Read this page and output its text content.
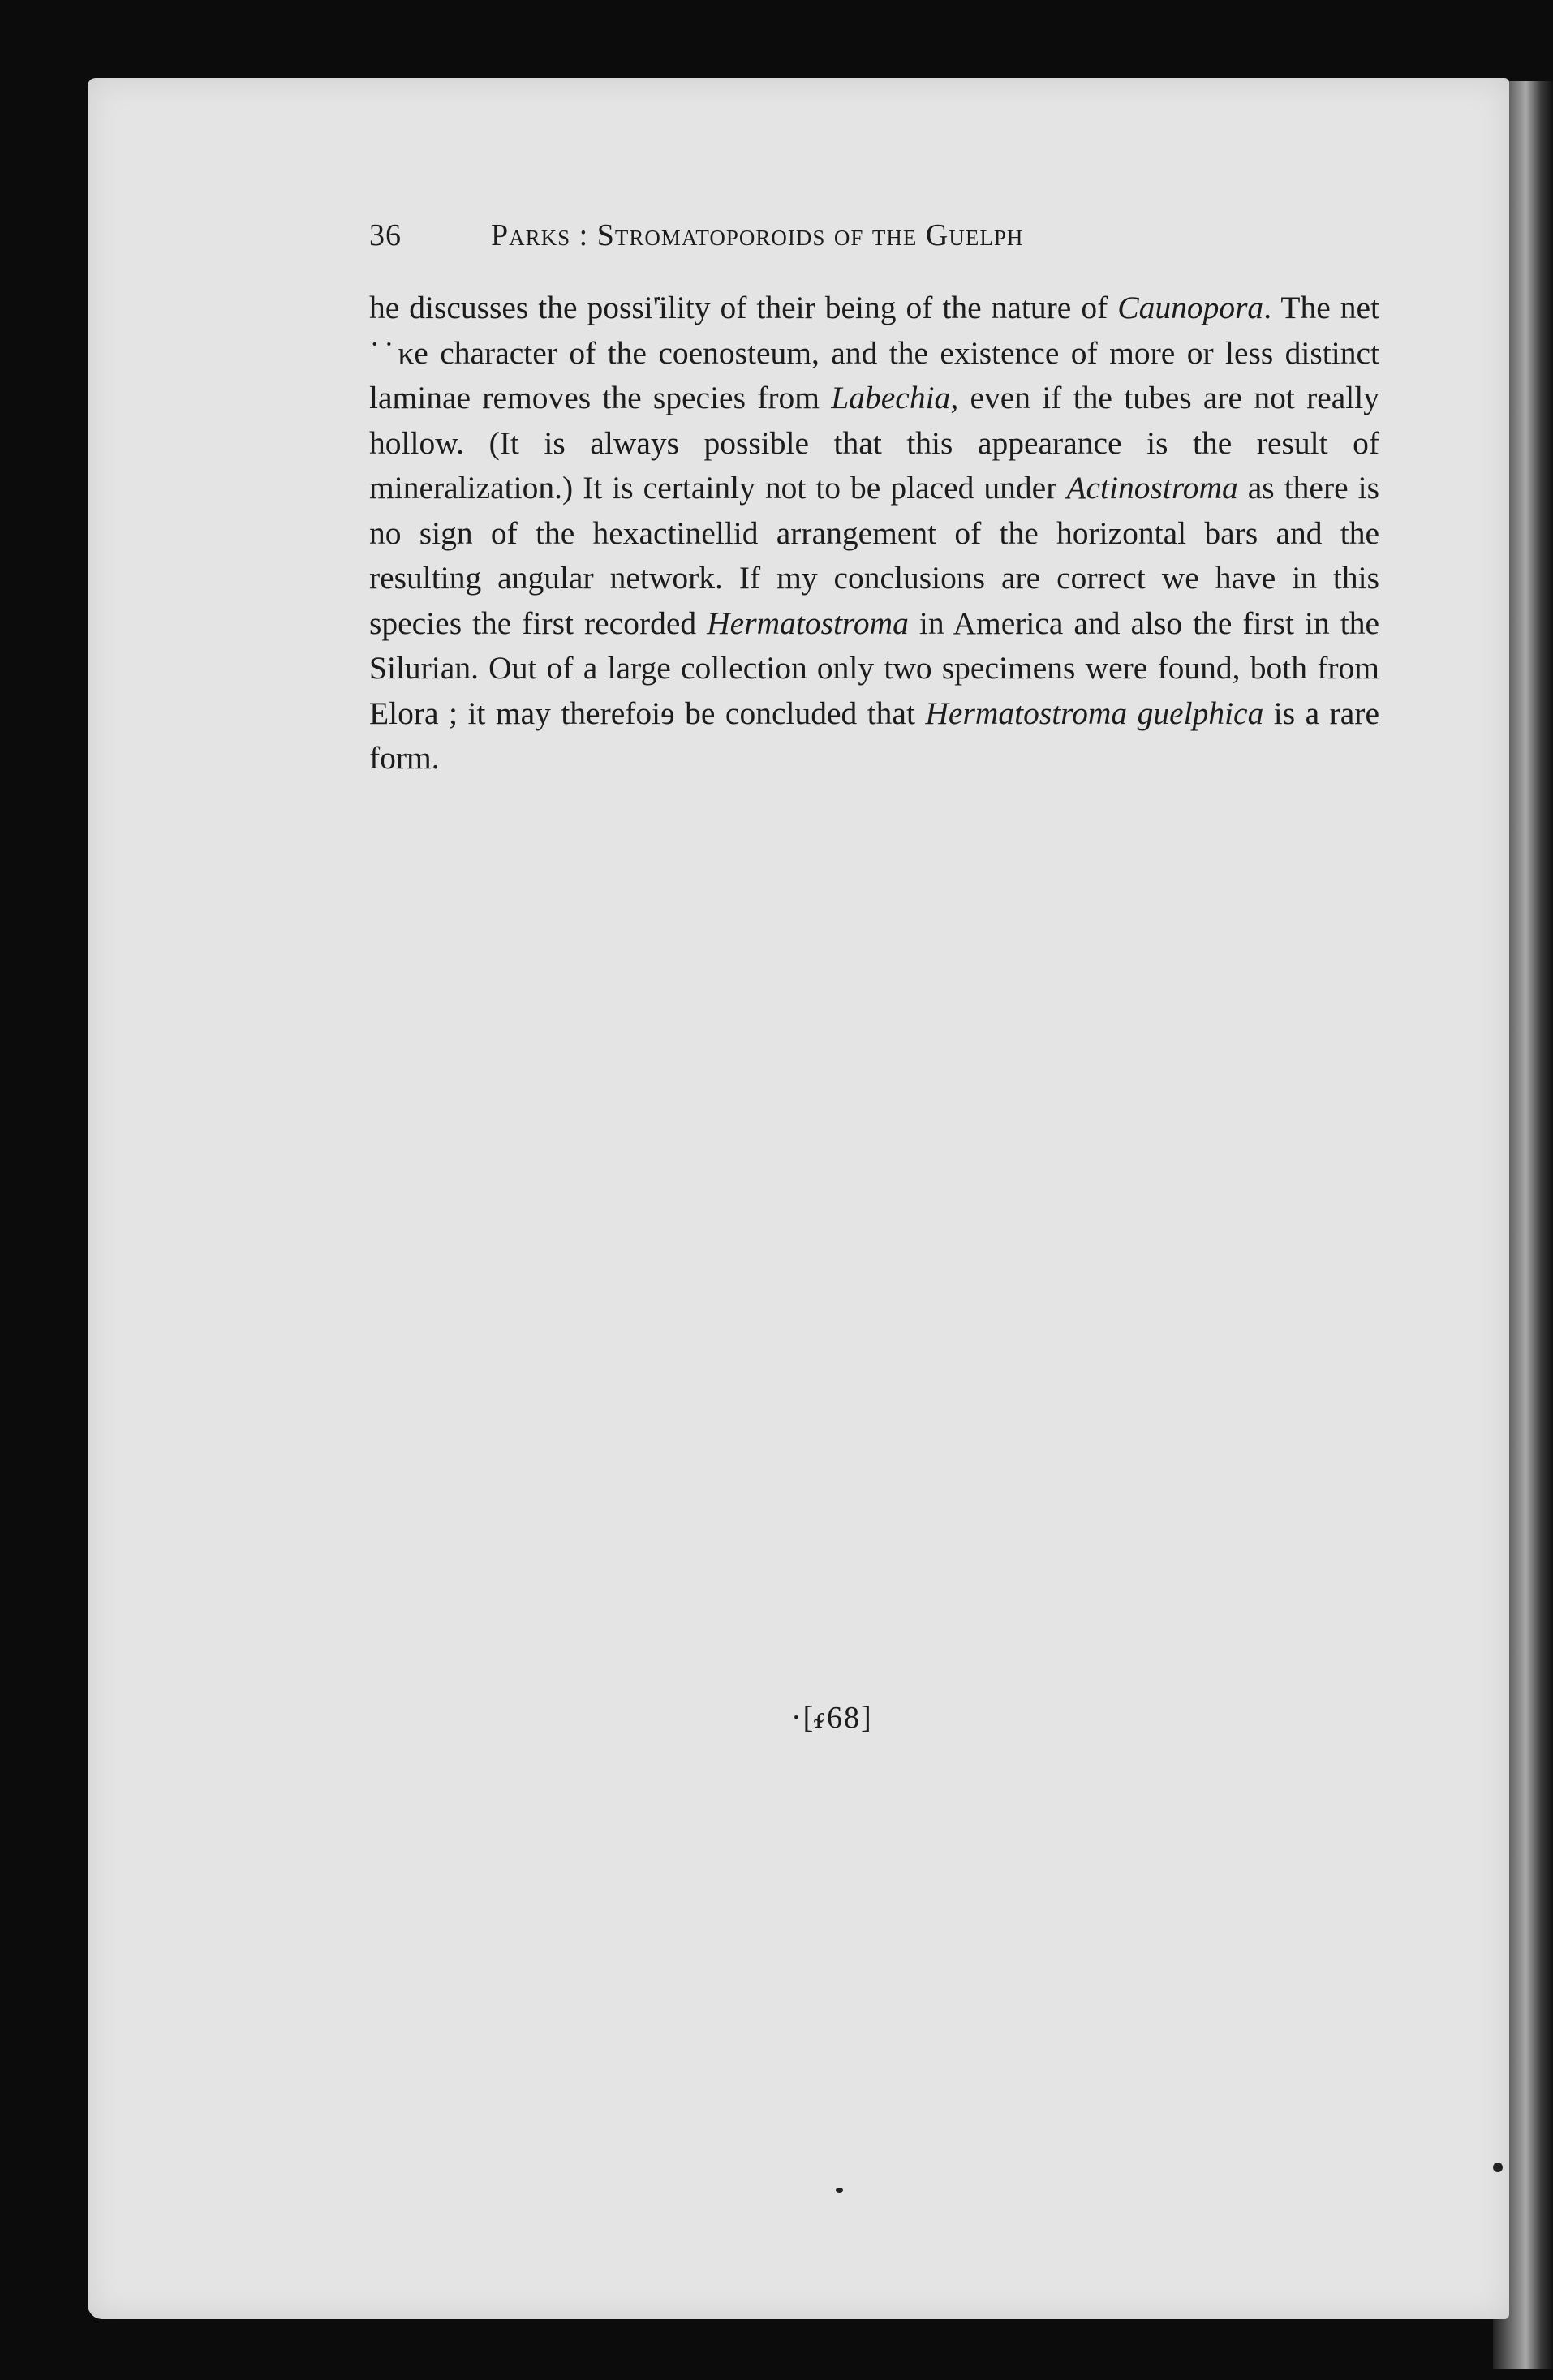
36	Parks : Stromatoporoids of the Guelph

he discusses the possi'̇ility of their being of the nature of Caunopora. The net ˙˙κe character of the coenosteum, and the existence of more or less distinct laminae removes the species from Labechia, even if the tubes are not really hollow. (It is always possible that this appearance is the result of mineralization.) It is certainly not to be placed under Actinostroma as there is no sign of the hexactinellid arrangement of the horizontal bars and the resulting angular network. If my conclusions are correct we have in this species the first recorded Hermatostroma in America and also the first in the Silurian. Out of a large collection only two specimens were found, both from Elora ; it may therefoiɘ be concluded that Hermatostroma guelphica is a rare form.

·[ᵳ68]
